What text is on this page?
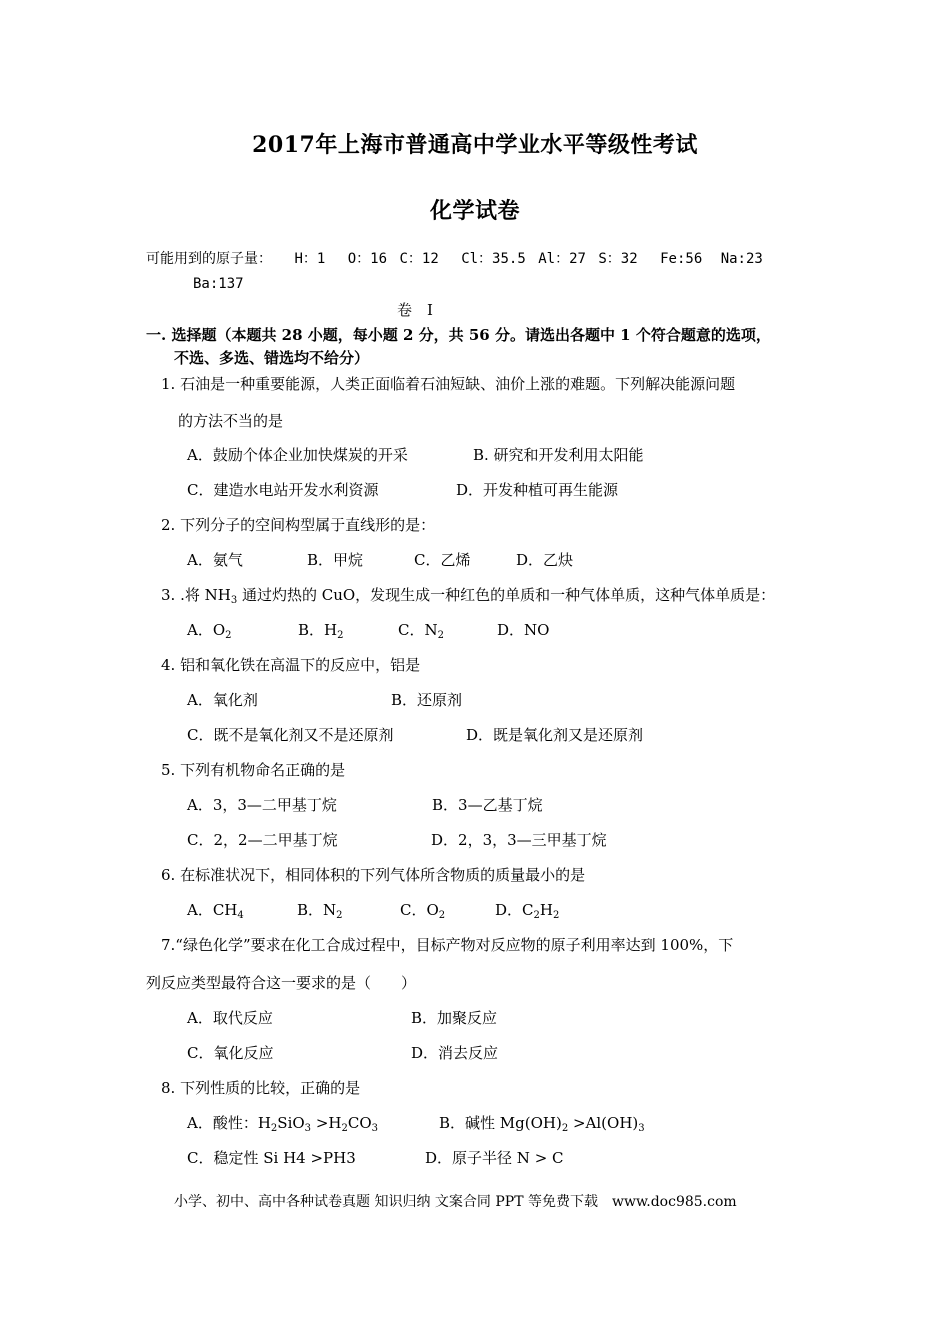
2017年上海市普通高中学业水平等级性考试
化学试卷
可能用到的原子量： H：1 O：16 C：12 Cl：35.5 Al：27 S：32 Fe:56 Na:23
Ba:137
卷　Ⅰ
一. 选择题（本题共 28 小题，每小题 2 分，共 56 分。请选出各题中 1 个符合题意的选项，
不选、多选、错选均不给分）
1. 石油是一种重要能源，人类正面临着石油短缺、油价上涨的难题。下列解决能源问题
的方法不当的是
A．鼓励个体企业加快煤炭的开采	B. 研究和开发利用太阳能
C．建造水电站开发水利资源	D．开发种植可再生能源
2. 下列分子的空间构型属于直线形的是：
A．氨气	B．甲烷	C．乙烯	D．乙炔
3. .将 $NH_3$ 通过灼热的 CuO，发现生成一种红色的单质和一种气体单质，这种气体单质是：
A．$O_2$	B．$H_2$	C．$N_2$	D．NO
4. 铝和氧化铁在高温下的反应中，铝是
A．氧化剂	B．还原剂
C．既不是氧化剂又不是还原剂	D．既是氧化剂又是还原剂
5. 下列有机物命名正确的是
A．3，3—二甲基丁烷	B．3—乙基丁烷
C．2，2—二甲基丁烷	D．2，3，3—三甲基丁烷
6. 在标准状况下，相同体积的下列气体所含物质的质量最小的是
A．$CH_4$	B．$N_2$	C．$O_2$	D．$C_2H_2$
7.“绿色化学”要求在化工合成过程中，目标产物对反应物的原子利用率达到 100%，下
列反应类型最符合这一要求的是（　　）
A．取代反应	B．加聚反应
C．氧化反应	D．消去反应
8. 下列性质的比较，正确的是
A．酸性：$H_2SiO_3 >H_2CO_3$	B．碱性 $Mg(OH)_2 >Al(OH)_3$
C．稳定性 Si H4 >PH3	D．原子半径 N > C
小学、初中、高中各种试卷真题 知识归纳 文案合同 PPT 等免费下载　www.doc985.com
